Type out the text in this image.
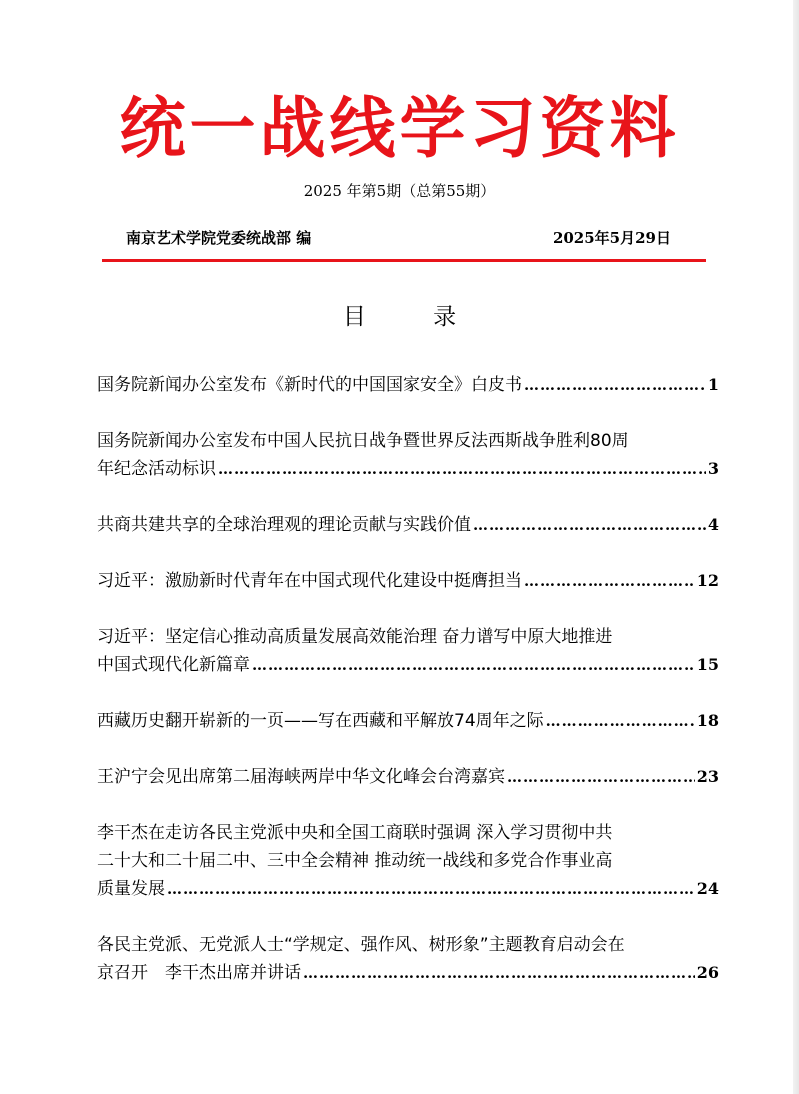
统一战线学习资料
2025 年第5期（总第55期）
南京艺术学院党委统战部 编	2025年5月29日
目 录
国务院新闻办公室发布《新时代的中国国家安全》白皮书 ………………………………………………………………………………………………………………………………………………………………………………………………	1
国务院新闻办公室发布中国人民抗日战争暨世界反法西斯战争胜利80周
年纪念活动标识 ………………………………………………………………………………………………………………………………………………………………………………………………	3
共商共建共享的全球治理观的理论贡献与实践价值 ………………………………………………………………………………………………………………………………………………………………………………………………	4
习近平：激励新时代青年在中国式现代化建设中挺膺担当 ………………………………………………………………………………………………………………………………………………………………………………………………	12
习近平：坚定信心推动高质量发展高效能治理 奋力谱写中原大地推进
中国式现代化新篇章 ………………………………………………………………………………………………………………………………………………………………………………………………	15
西藏历史翻开崭新的一页——写在西藏和平解放74周年之际 ………………………………………………………………………………………………………………………………………………………………………………………………	18
王沪宁会见出席第二届海峡两岸中华文化峰会台湾嘉宾 ………………………………………………………………………………………………………………………………………………………………………………………………	23
李干杰在走访各民主党派中央和全国工商联时强调 深入学习贯彻中共
二十大和二十届二中、三中全会精神 推动统一战线和多党合作事业高
质量发展 ………………………………………………………………………………………………………………………………………………………………………………………………	24
各民主党派、无党派人士“学规定、强作风、树形象”主题教育启动会在
京召开　李干杰出席并讲话 ………………………………………………………………………………………………………………………………………………………………………………………………	26
